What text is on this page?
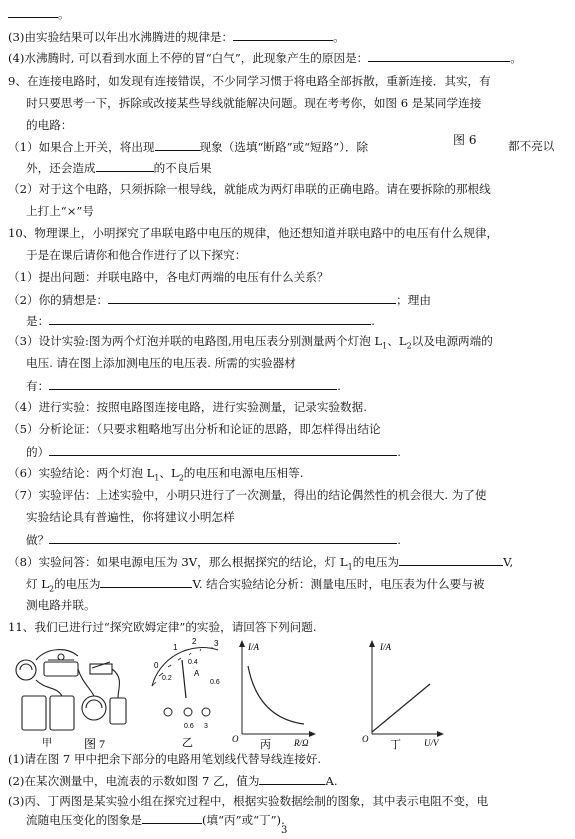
。
(3)由实验结果可以年出水沸腾进的规律是：	。
(4)水沸腾时, 可以看到水面上不停的冒“白气”，此现象产生的原因是：	。
9、在连接电路时，如发现有连接错误，不少同学习惯于将电路全部拆散，重新连接．其实，有
时只要思考一下，拆除或改接某些导线就能解决问题。现在考考你，如图 6 是某同学连接
的电路：
（1）如果合上开关，将出现	现象（选填“断路”或“短路”）．除	图 6	都不亮以
外，还会造成	的不良后果
（2）对于这个电路，只须拆除一根导线，就能成为两灯串联的正确电路。请在要拆除的那根线
上打上“×”号
10、物理课上，小明探究了串联电路中电压的规律，他还想知道并联电路中的电压有什么规律，
于是在课后请你和他合作进行了以下探究：
（1）提出问题：并联电路中，各电灯两端的电压有什么关系？
（2）你的猜想是：	；理由
是：	.
（3）设计实验:图为两个灯泡并联的电路图,用电压表分别测量两个灯泡 $L_1$、$L_2$以及电源两端的
电压. 请在图上添加测电压的电压表. 所需的实验器材
有：	.
（4）进行实验：按照电路图连接电路，进行实验测量，记录实验数据.
（5）分析论证：（只要求粗略地写出分析和论证的思路，即怎样得出结论
的）	.
（6）实验结论：两个灯泡 $L_1$、$L_2$的电压和电源电压相等.
（7）实验评估：上述实验中，小明只进行了一次测量，得出的结论偶然性的机会很大. 为了使
实验结论具有普遍性，你将建议小明怎样
做？	.
（8）实验问答：如果电源电压为 3V，那么根据探究的结论，灯 $L_1$的电压为	V,
灯 $L_2$的电压为	V. 结合实验结论分析：测量电压时，电压表为什么要与被
测电路并联。
11、我们已进行过“探究欧姆定律”的实验，请回答下列问题.
甲	图 7
0
1
2 3
0.2
0.4
0.6
A
0.6 3
乙
I/A
O	R/Ω
丙
I/A
O	U/V
丁
(1)请在图 7 甲中把余下部分的电路用笔划线代替导线连接好.
(2)在某次测量中，电流表的示数如图 7 乙，值为	A.
(3)丙、丁两图是某实验小组在探究过程中，根据实验数据绘制的图象，其中表示电阻不变，电
流随电压变化的图象是	(填“丙”或“丁”).
3
